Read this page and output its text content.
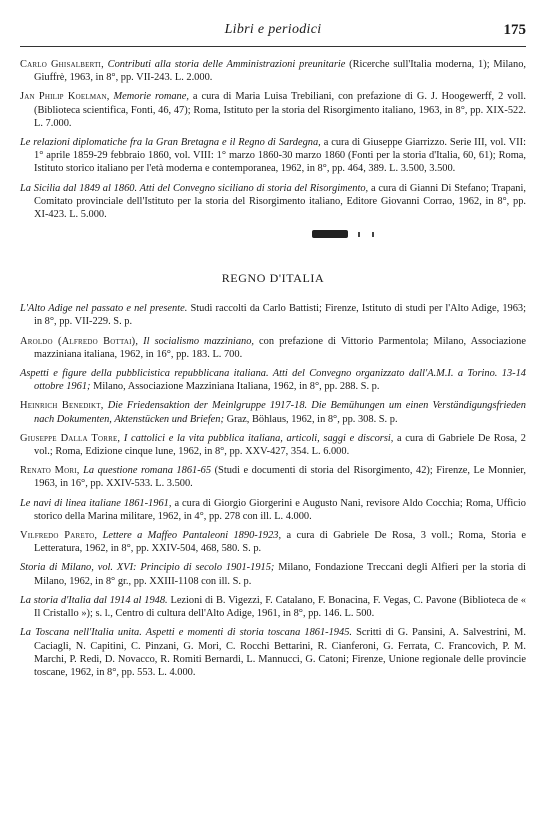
Libri e periodici	175

Carlo Ghisalberti, Contributi alla storia delle Amministrazioni preunitarie (Ricerche sull'Italia moderna, 1); Milano, Giuffrè, 1963, in 8°, pp. VII-243. L. 2.000.

Jan Philip Koelman, Memorie romane, a cura di Maria Luisa Trebiliani, con prefazione di G. J. Hoogewerff, 2 voll. (Biblioteca scientifica, Fonti, 46, 47); Roma, Istituto per la storia del Risorgimento italiano, 1963, in 8°, pp. XIX-522. L. 7.000.

Le relazioni diplomatiche fra la Gran Bretagna e il Regno di Sardegna, a cura di Giuseppe Giarrizzo. Serie III, vol. VII: 1° aprile 1859-29 febbraio 1860, vol. VIII: 1° marzo 1860-30 marzo 1860 (Fonti per la storia d'Italia, 60, 61); Roma, Istituto storico italiano per l'età moderna e contemporanea, 1962, in 8°, pp. 464, 389. L. 3.500, 3.500.

La Sicilia dal 1849 al 1860. Atti del Convegno siciliano di storia del Risorgimento, a cura di Gianni Di Stefano; Trapani, Comitato provinciale dell'Istituto per la storia del Risorgimento italiano, Editore Giovanni Corrao, 1962, in 8°, pp. XI-423. L. 5.000.

REGNO D'ITALIA

L'Alto Adige nel passato e nel presente. Studi raccolti da Carlo Battisti; Firenze, Istituto di studi per l'Alto Adige, 1963; in 8°, pp. VII-229. S. p.

Aroldo (Alfredo Bottai), Il socialismo mazziniano, con prefazione di Vittorio Parmentola; Milano, Associazione mazziniana italiana, 1962, in 16°, pp. 183. L. 700.

Aspetti e figure della pubblicistica repubblicana italiana. Atti del Convegno organizzato dall'A.M.I. a Torino. 13-14 ottobre 1961; Milano, Associazione Mazziniana Italiana, 1962, in 8°, pp. 288. S. p.

Heinrich Benedikt, Die Friedensaktion der Meinlgruppe 1917-18. Die Bemühungen um einen Verständigungsfrieden nach Dokumenten, Aktenstücken und Briefen; Graz, Böhlaus, 1962, in 8°, pp. 308. S. p.

Giuseppe Dalla Torre, I cattolici e la vita pubblica italiana, articoli, saggi e discorsi, a cura di Gabriele De Rosa, 2 vol.; Roma, Edizione cinque lune, 1962, in 8°, pp. XXV-427, 354. L. 6.000.

Renato Mori, La questione romana 1861-65 (Studi e documenti di storia del Risorgimento, 42); Firenze, Le Monnier, 1963, in 16°, pp. XXIV-533. L. 3.500.

Le navi di linea italiane 1861-1961, a cura di Giorgio Giorgerini e Augusto Nani, revisore Aldo Cocchia; Roma, Ufficio storico della Marina militare, 1962, in 4°, pp. 278 con ill. L. 4.000.

Vilfredo Pareto, Lettere a Maffeo Pantaleoni 1890-1923, a cura di Gabriele De Rosa, 3 voll.; Roma, Storia e Letteratura, 1962, in 8°, pp. XXIV-504, 468, 580. S. p.

Storia di Milano, vol. XVI: Principio di secolo 1901-1915; Milano, Fondazione Treccani degli Alfieri per la storia di Milano, 1962, in 8° gr., pp. XXIII-1108 con ill. S. p.

La storia d'Italia dal 1914 al 1948. Lezioni di B. Vigezzi, F. Catalano, F. Bonacina, F. Vegas, C. Pavone (Biblioteca de « Il Cristallo »); s. l., Centro di cultura dell'Alto Adige, 1961, in 8°, pp. 146. L. 500.

La Toscana nell'Italia unita. Aspetti e momenti di storia toscana 1861-1945. Scritti di G. Pansini, A. Salvestrini, M. Caciagli, N. Capitini, C. Pinzani, G. Mori, C. Rocchi Bettarini, R. Cianferoni, G. Ferrata, C. Francovich, P. M. Marchi, P. Redi, D. Novacco, R. Romiti Bernardi, L. Mannucci, G. Catoni; Firenze, Unione regionale delle provincie toscane, 1962, in 8°, pp. 553. L. 4.000.
